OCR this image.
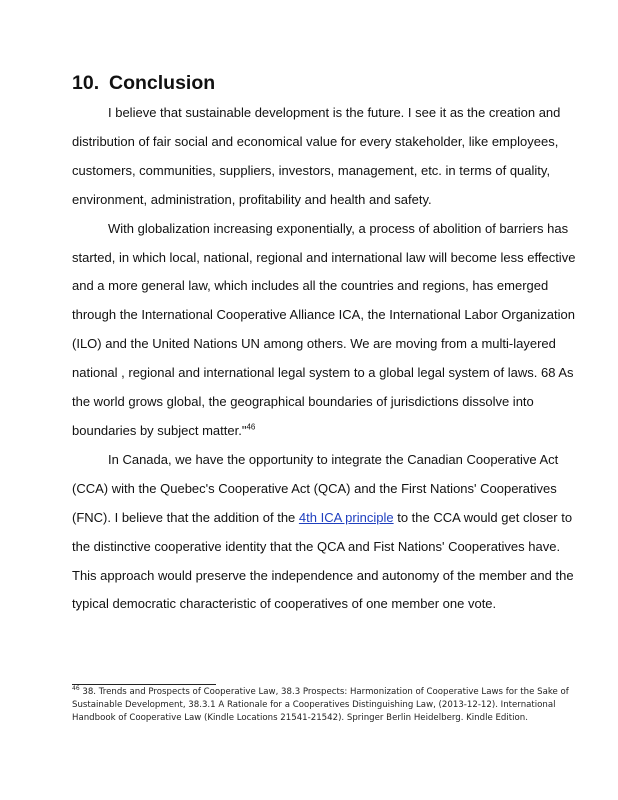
10. Conclusion

I believe that sustainable development is the future. I see it as the creation and
distribution of fair social and economical value for every stakeholder, like employees,
customers, communities, suppliers, investors, management, etc. in terms of quality,
environment, administration, profitability and health and safety.

With globalization increasing exponentially, a process of abolition of barriers has
started, in which local, national, regional and international law will become less effective
and a more general law, which includes all the countries and regions, has emerged
through the International Cooperative Alliance ICA, the International Labor Organization
(ILO) and the United Nations UN among others. We are moving from a multi-layered
national , regional and international legal system to a global legal system of laws. 68 As
the world grows global, the geographical boundaries of jurisdictions dissolve into
boundaries by subject matter."$^{46}$

In Canada, we have the opportunity to integrate the Canadian Cooperative Act
(CCA) with the Quebec's Cooperative Act (QCA) and the First Nations' Cooperatives
(FNC). I believe that the addition of the 4th ICA principle to the CCA would get closer to
the distinctive cooperative identity that the QCA and Fist Nations' Cooperatives have.
This approach would preserve the independence and autonomy of the member and the
typical democratic characteristic of cooperatives of one member one vote.

$^{46}$ 38. Trends and Prospects of Cooperative Law, 38.3 Prospects: Harmonization of Cooperative Laws for the Sake of
Sustainable Development, 38.3.1 A Rationale for a Cooperatives Distinguishing Law, (2013-12-12). International
Handbook of Cooperative Law (Kindle Locations 21541-21542). Springer Berlin Heidelberg. Kindle Edition.
